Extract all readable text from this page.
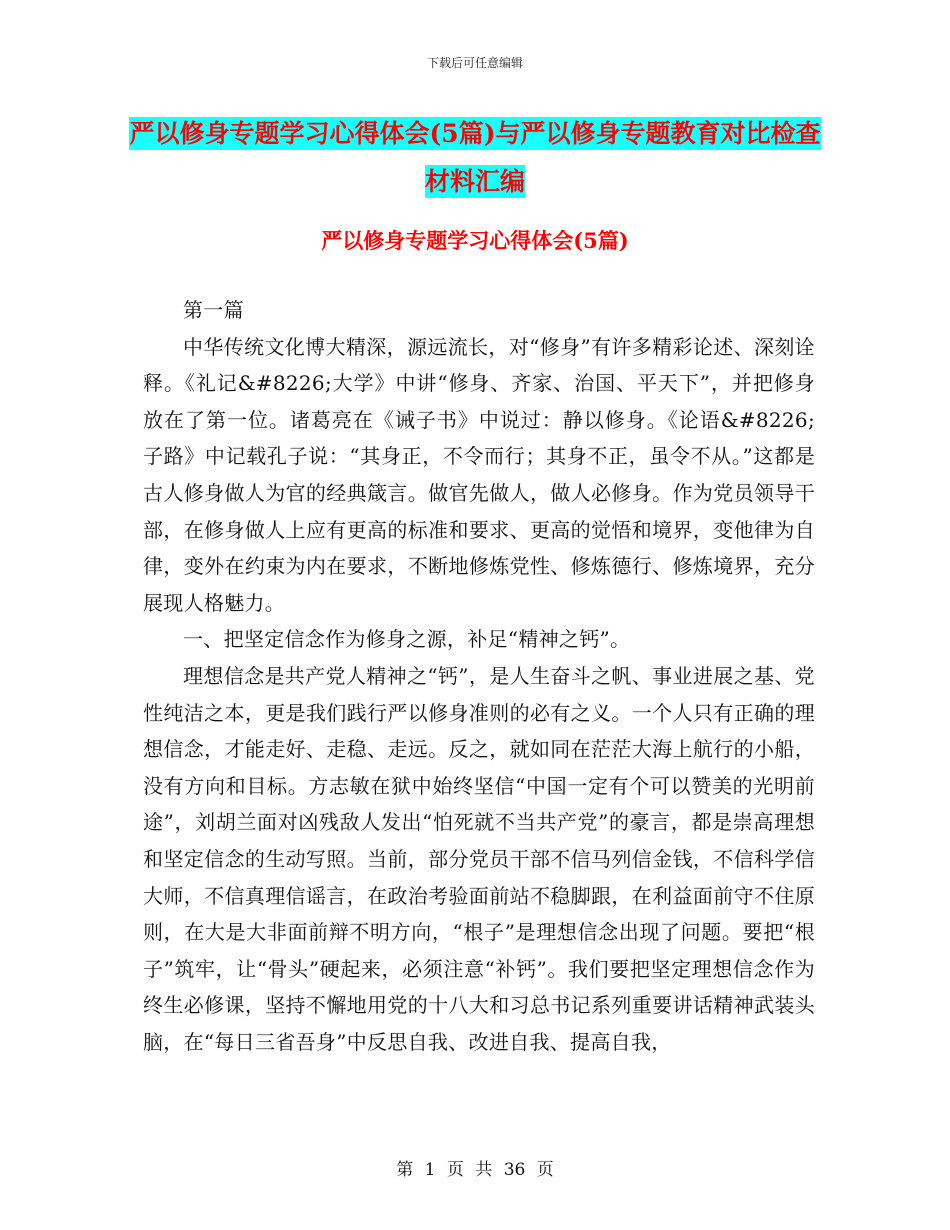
下载后可任意编辑
严以修身专题学习心得体会(5篇)与严以修身专题教育对比检查材料汇编
严以修身专题学习心得体会(5篇)

第一篇

中华传统文化博大精深，源远流长，对“修身”有许多精彩论述、深刻诠释。《礼记&#8226;大学》中讲“修身、齐家、治国、平天下”，并把修身放在了第一位。诸葛亮在《诫子书》中说过：静以修身。《论语&#8226;子路》中记载孔子说：“其身正，不令而行；其身不正，虽令不从。”这都是古人修身做人为官的经典箴言。做官先做人，做人必修身。作为党员领导干部，在修身做人上应有更高的标准和要求、更高的觉悟和境界，变他律为自律，变外在约束为内在要求，不断地修炼党性、修炼德行、修炼境界，充分展现人格魅力。

一、把坚定信念作为修身之源，补足“精神之钙”。

理想信念是共产党人精神之“钙”，是人生奋斗之帆、事业进展之基、党性纯洁之本，更是我们践行严以修身准则的必有之义。一个人只有正确的理想信念，才能走好、走稳、走远。反之，就如同在茫茫大海上航行的小船，没有方向和目标。方志敏在狱中始终坚信“中国一定有个可以赞美的光明前途”，刘胡兰面对凶残敌人发出“怕死就不当共产党”的豪言，都是崇高理想和坚定信念的生动写照。当前，部分党员干部不信马列信金钱，不信科学信大师，不信真理信谣言，在政治考验面前站不稳脚跟，在利益面前守不住原则，在大是大非面前辩不明方向，“根子”是理想信念出现了问题。要把“根子”筑牢，让“骨头”硬起来，必须注意“补钙”。我们要把坚定理想信念作为终生必修课，坚持不懈地用党的十八大和习总书记系列重要讲话精神武装头脑，在“每日三省吾身”中反思自我、改进自我、提高自我，

第 1 页 共 36 页
